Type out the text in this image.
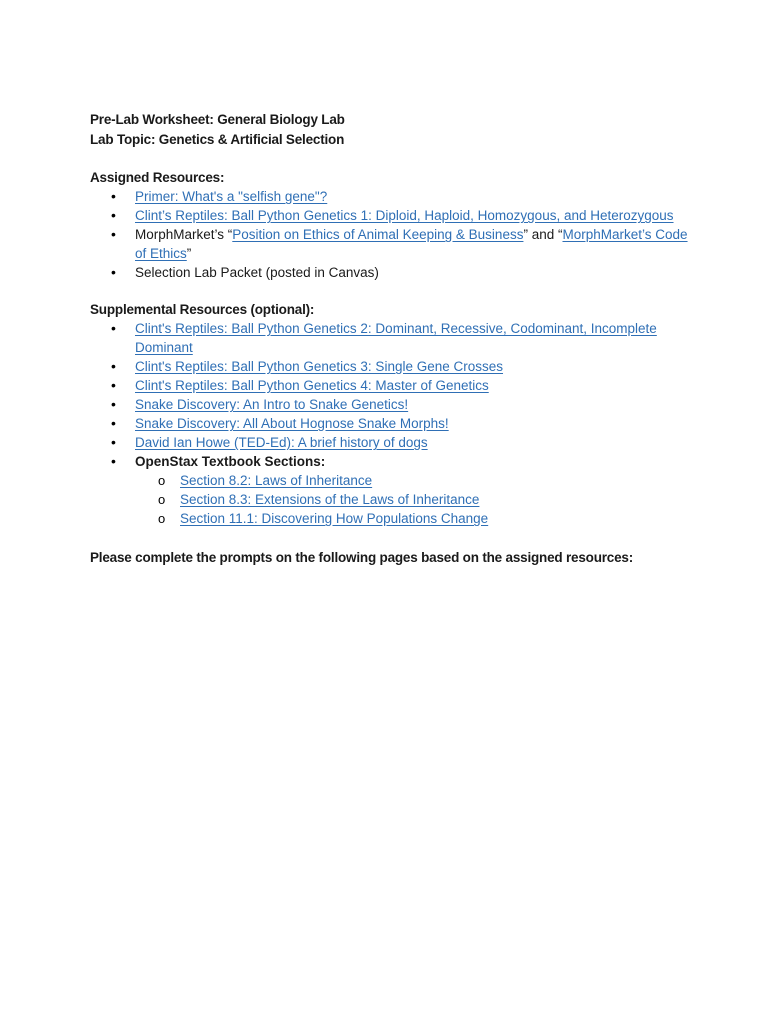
Pre-Lab Worksheet: General Biology Lab
Lab Topic: Genetics & Artificial Selection
Assigned Resources:
• Primer: What's a "selfish gene"?
• Clint’s Reptiles: Ball Python Genetics 1: Diploid, Haploid, Homozygous, and Heterozygous
• MorphMarket’s “Position on Ethics of Animal Keeping & Business” and “MorphMarket’s Code of Ethics”
• Selection Lab Packet (posted in Canvas)
Supplemental Resources (optional):
• Clint's Reptiles: Ball Python Genetics 2: Dominant, Recessive, Codominant, Incomplete Dominant
• Clint's Reptiles: Ball Python Genetics 3: Single Gene Crosses
• Clint's Reptiles: Ball Python Genetics 4: Master of Genetics
• Snake Discovery: An Intro to Snake Genetics!
• Snake Discovery: All About Hognose Snake Morphs!
• David Ian Howe (TED-Ed): A brief history of dogs
• OpenStax Textbook Sections:
o Section 8.2: Laws of Inheritance
o Section 8.3: Extensions of the Laws of Inheritance
o Section 11.1: Discovering How Populations Change
Please complete the prompts on the following pages based on the assigned resources:
